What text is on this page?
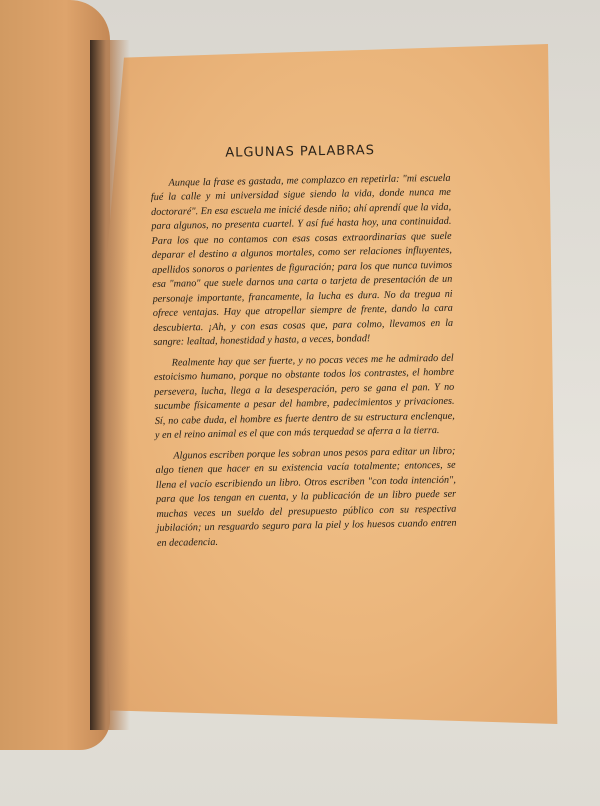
ALGUNAS PALABRAS

Aunque la frase es gastada, me complazco en repetirla: "mi escuela fué la calle y mi universidad sigue siendo la vida, donde nunca me doctoraré". En esa escuela me inicié desde niño; ahí aprendí que la vida, para algunos, no presenta cuartel. Y así fué hasta hoy, una continuidad. Para los que no contamos con esas cosas extraordinarias que suele deparar el destino a algunos mortales, como ser relaciones influyentes, apellidos sonoros o parientes de figuración; para los que nunca tuvimos esa "mano" que suele darnos una carta o tarjeta de presentación de un personaje importante, francamente, la lucha es dura. No da tregua ni ofrece ventajas. Hay que atropellar siempre de frente, dando la cara descubierta. ¡Ah, y con esas cosas que, para colmo, llevamos en la sangre: lealtad, honestidad y hasta, a veces, bondad!

Realmente hay que ser fuerte, y no pocas veces me he admirado del estoicismo humano, porque no obstante todos los contrastes, el hombre persevera, lucha, llega a la desesperación, pero se gana el pan. Y no sucumbe físicamente a pesar del hambre, padecimientos y privaciones. Sí, no cabe duda, el hombre es fuerte dentro de su estructura enclenque, y en el reino animal es el que con más terquedad se aferra a la tierra.

Algunos escriben porque les sobran unos pesos para editar un libro; algo tienen que hacer en su existencia vacía totalmente; entonces, se llena el vacío escribiendo un libro. Otros escriben "con toda intención", para que los tengan en cuenta, y la publicación de un libro puede ser muchas veces un sueldo del presupuesto público con su respectiva jubilación; un resguardo seguro para la piel y los huesos cuando entren en decadencia.
